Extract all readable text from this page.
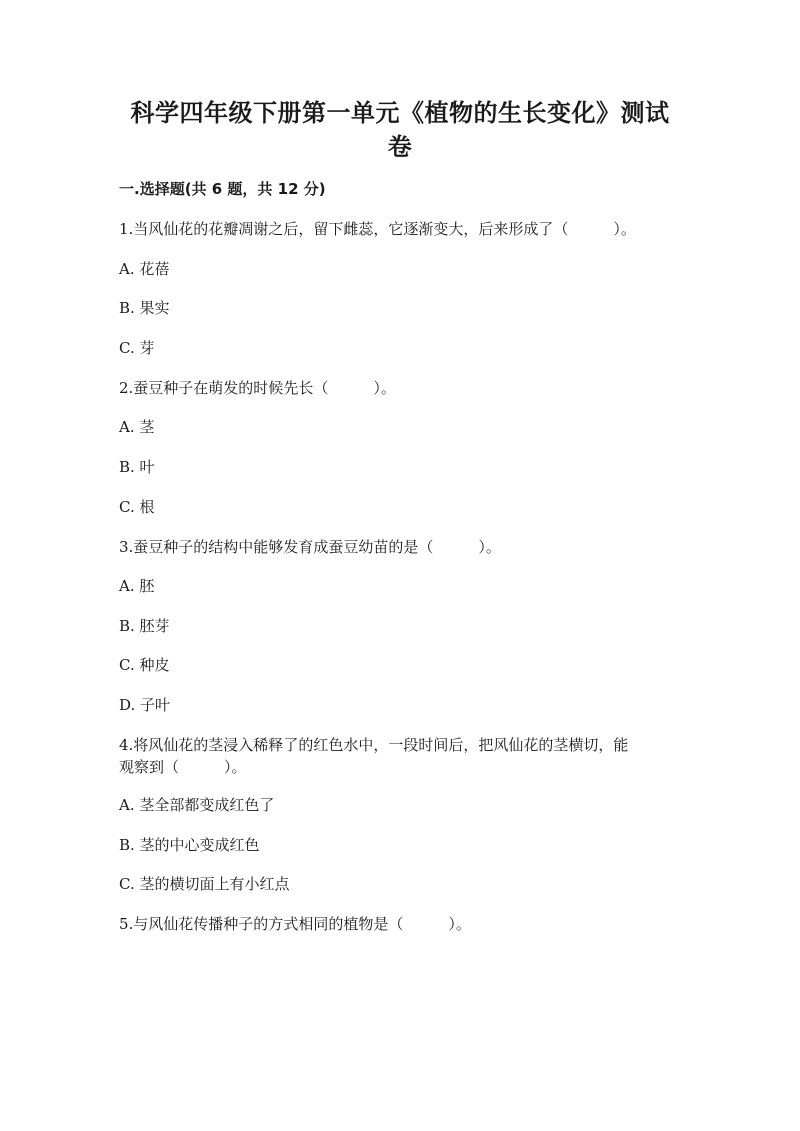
科学四年级下册第一单元《植物的生长变化》测试
卷
一.选择题(共 6 题，共 12 分)
1.当风仙花的花瓣凋谢之后，留下雌蕊，它逐渐变大，后来形成了（　　　）。
A. 花蓓
B. 果实
C. 芽
2.蚕豆种子在萌发的时候先长（　　　）。
A. 茎
B. 叶
C. 根
3.蚕豆种子的结构中能够发育成蚕豆幼苗的是（　　　）。
A. 胚
B. 胚芽
C. 种皮
D. 子叶
4.将风仙花的茎浸入稀释了的红色水中，一段时间后，把风仙花的茎横切，能
观察到（　　　）。
A. 茎全部都变成红色了
B. 茎的中心变成红色
C. 茎的横切面上有小红点
5.与风仙花传播种子的方式相同的植物是（　　　）。
